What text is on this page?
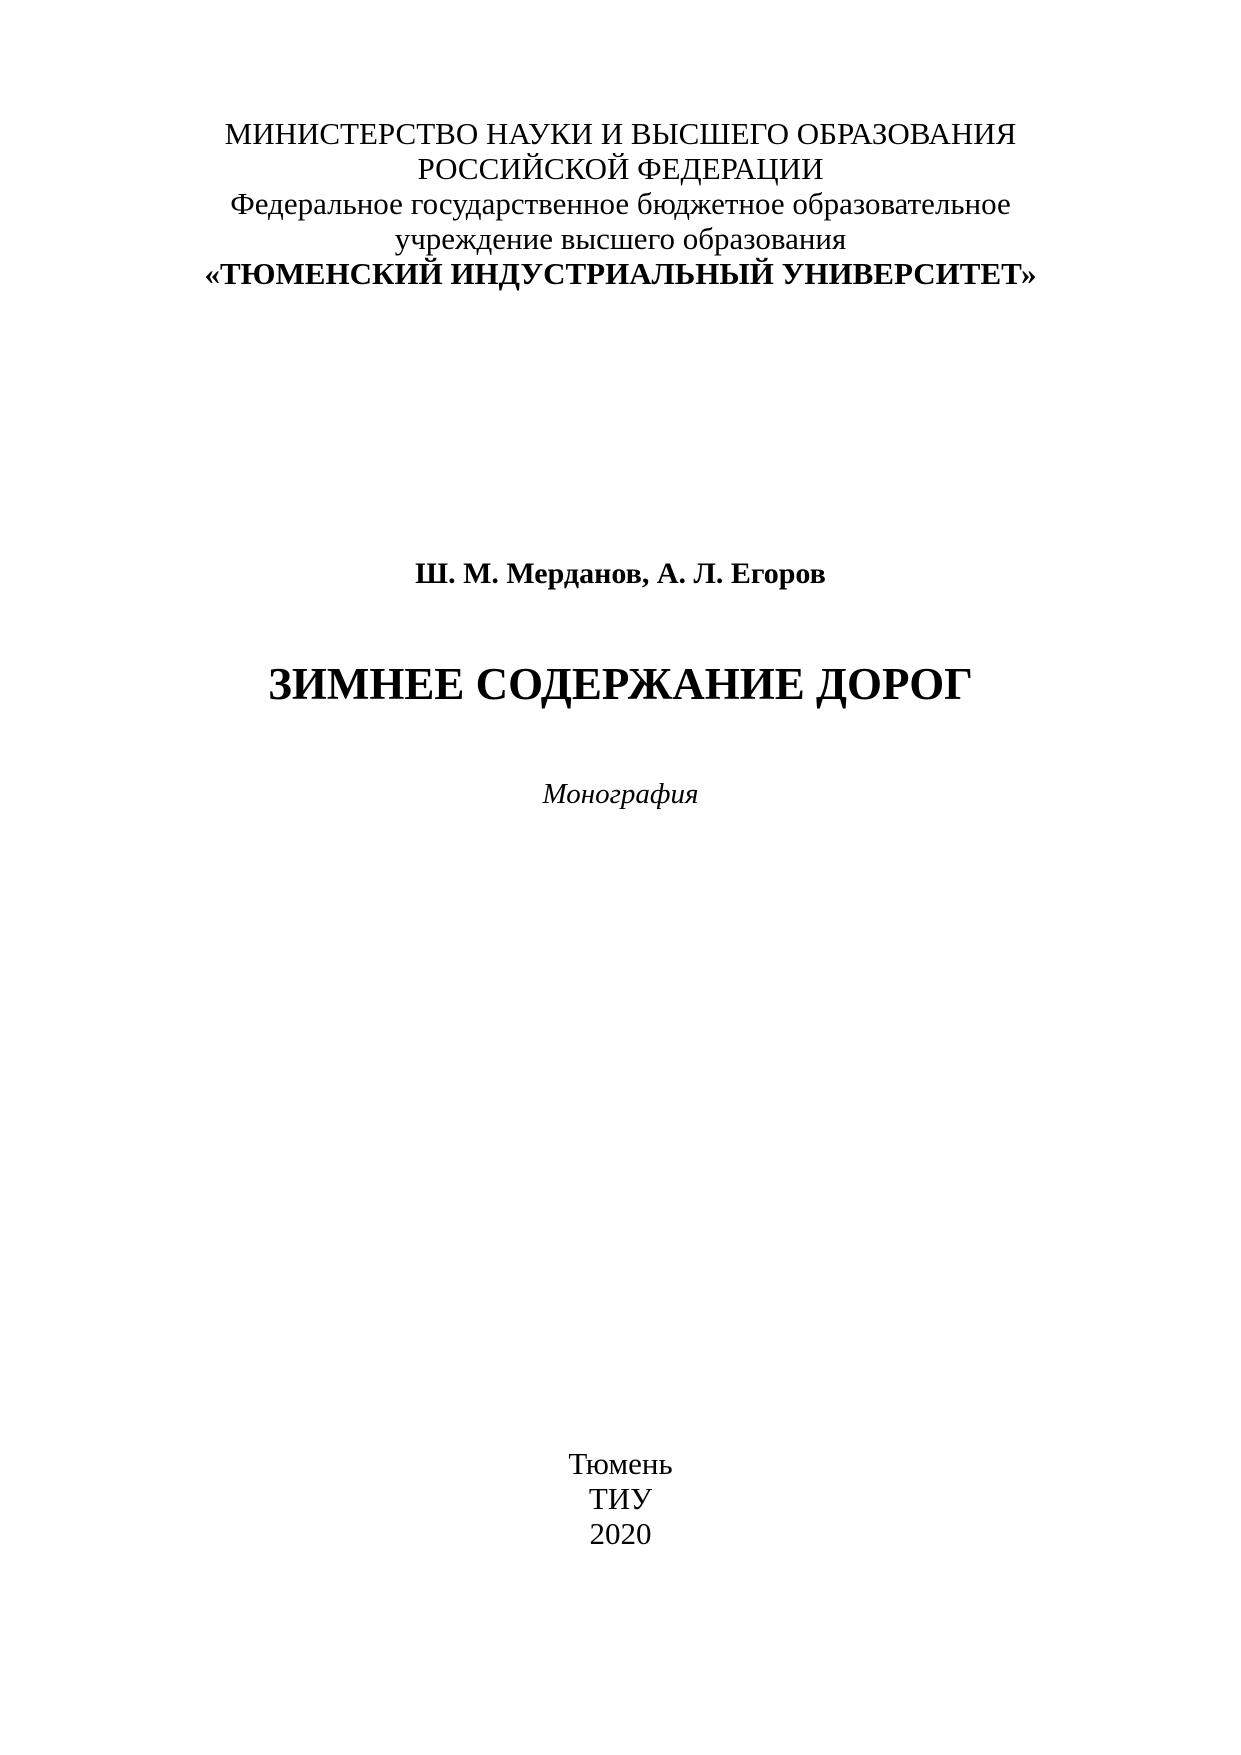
МИНИСТЕРСТВО НАУКИ И ВЫСШЕГО ОБРАЗОВАНИЯ
РОССИЙСКОЙ ФЕДЕРАЦИИ
Федеральное государственное бюджетное образовательное
учреждение высшего образования
«ТЮМЕНСКИЙ ИНДУСТРИАЛЬНЫЙ УНИВЕРСИТЕТ»
Ш. М. Мерданов, А. Л. Егоров
ЗИМНЕЕ СОДЕРЖАНИЕ ДОРОГ
Монография
Тюмень
ТИУ
2020
